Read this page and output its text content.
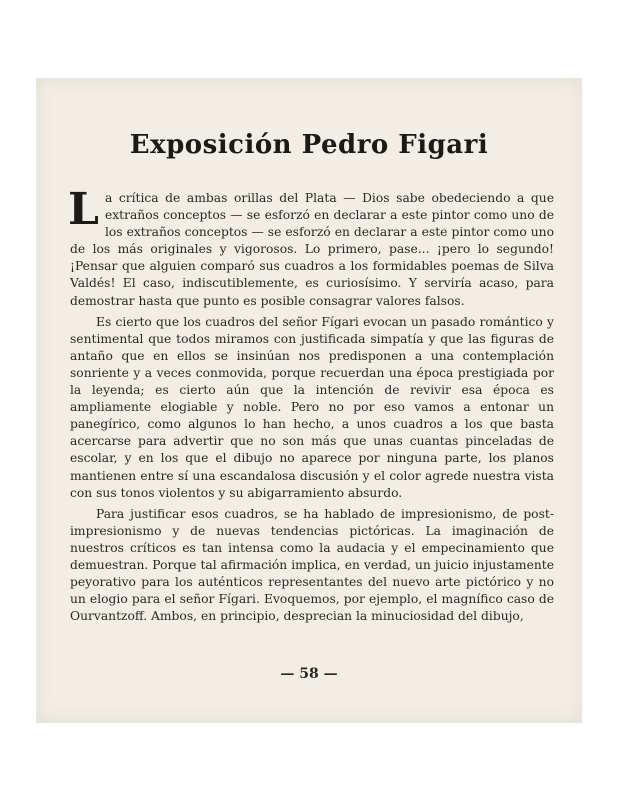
Exposición Pedro Figari

La crítica de ambas orillas del Plata — Dios sabe obedeciendo a que extraños conceptos — se esforzó en declarar a este pintor como uno de los extraños conceptos — se esforzó en declarar a este pintor como uno de los más originales y vigorosos. Lo primero, pase... ¡pero lo segundo! ¡Pensar que alguien comparó sus cuadros a los formidables poemas de Silva Valdés! El caso, indiscutiblemente, es curiosísimo. Y serviría acaso, para demostrar hasta que punto es posible consagrar valores falsos.

Es cierto que los cuadros del señor Fígari evocan un pasado romántico y sentimental que todos miramos con justificada simpatía y que las figuras de antaño que en ellos se insinúan nos predisponen a una contemplación sonriente y a veces conmovida, porque recuerdan una época prestigiada por la leyenda; es cierto aún que la intención de revivir esa época es ampliamente elogiable y noble. Pero no por eso vamos a entonar un panegírico, como algunos lo han hecho, a unos cuadros a los que basta acercarse para advertir que no son más que unas cuantas pinceladas de escolar, y en los que el dibujo no aparece por ninguna parte, los planos mantienen entre sí una escandalosa discusión y el color agrede nuestra vista con sus tonos violentos y su abigarramiento absurdo.

Para justificar esos cuadros, se ha hablado de impresionismo, de post-impresionismo y de nuevas tendencias pictóricas. La imaginación de nuestros críticos es tan intensa como la audacia y el empecinamiento que demuestran. Porque tal afirmación implica, en verdad, un juicio injustamente peyorativo para los auténticos representantes del nuevo arte pictórico y no un elogio para el señor Fígari. Evoquemos, por ejemplo, el magnífico caso de Ourvantzoff. Ambos, en principio, desprecian la minuciosidad del dibujo,

— 58 —
